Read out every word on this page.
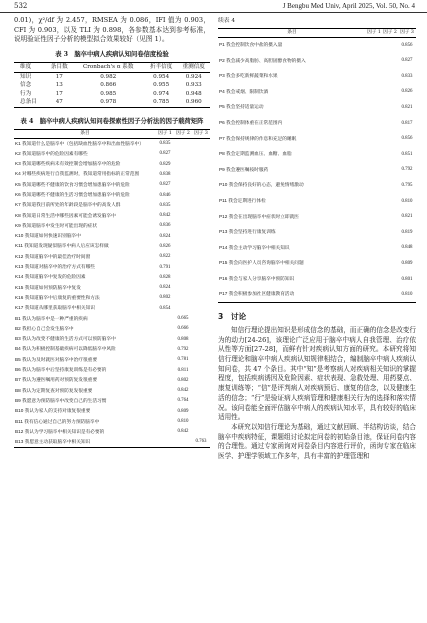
532	J Bengbu Med Univ, April 2025, Vol. 50, No. 4

0.01)，χ²/df 为 2.457，RMSEA 为 0.086，IFI 值为 0.903，CFI 为 0.903，以及 TLI 为 0.898，各参数基本达到参考标准，说明验证性因子分析的模型拟合效果较好（见图 1）。

表 3　脑卒中病人疾病认知问卷信度检验
维度	条目数	Cronbach's α 系数	折半信度	重测信度
知识	17	0.982	0.954	0.924
信念	13	0.866	0.955	0.933
行为	17	0.985	0.974	0.948
总条目	47	0.978	0.785	0.960
表 4　脑卒中病人疾病认知问卷探索性因子分析法的因子载荷矩阵
条目	因子 1	因子 2	因子 3
K1 我知道什么是脑卒中（包括缺血性脑卒中和出血性脑卒中）	0.835		
K2 我知道脑卒中的危险因素有哪些	0.827		
K3 我知道哪些疾病未有效控制会增加脑卒中的危险	0.829		
K4 对哪些疾病进行自我监测时，我知道常用指标的正常范围	0.838		
K5 我知道哪些不健康的饮食习惯会增加患脑卒中的危险	0.827		
K6 我知道哪些不健康的生活习惯会增加患脑卒中的危险	0.846		
K7 我知道我目前所处的年龄段是脑卒中的高发人群	0.835		
K8 我知道日常生活中哪些因素可能会诱发脑卒中	0.842		
K9 我知道脑卒中发生时可能出现的症状	0.836		
K10 我知道如何快速识别脑卒中	0.824		
K11 我知道发现疑似脑卒中病人后应该怎样做	0.826		
K12 我知道脑卒中的最佳治疗时间窗	0.822		
K13 我知道对脑卒中的治疗方式有哪些	0.791		
K14 我知道脑卒中复发的危险因素	0.828		
K15 我知道如何预防脑卒中复发	0.824		
K16 我知道脑卒中后康复的重要性和方法	0.802		
K17 我知道从哪里获取脑卒中相关知识	0.854		
B1 我认为脑卒中是一种严重的疾病		0.665	
B2 我担心自己会发生脑卒中		0.666	
B3 我认为改变不健康的生活方式可以预防脑卒中		0.808	
B4 我认为积极控制基础疾病可以降低脑卒中风险		0.792	
B5 我认为及时就医对脑卒中治疗很重要		0.781	
B6 我认为脑卒中后坚持康复训练是有必要的		0.811	
B7 我认为遵医嘱用药对预防复发很重要		0.802	
B8 我认为定期复查对预防复发很重要		0.842	
B9 我愿意为预防脑卒中改变自己的生活习惯		0.764	
B10 我认为家人的支持对康复很重要		0.809	
B11 我有信心通过自己的努力预防脑卒中		0.810	
B12 我认为学习脑卒中相关知识是有必要的		0.842	
B13 我愿意主动获取脑卒中相关知识			0.763
续表 4
条目	因子 1	因子 2	因子 3
P1 我会控制饮食中盐的摄入量			0.856
P2 我会减少高脂肪、高胆固醇食物的摄入			0.827
P3 我会多吃新鲜蔬菜和水果			0.833
P4 我会戒烟、限制饮酒			0.826
P5 我会坚持适量运动			0.821
P6 我会控制体重在正常范围内			0.817
P7 我会保持规律的作息和充足的睡眠			0.856
P8 我会定期监测血压、血糖、血脂			0.851
P9 我会遵医嘱按时服药			0.792
P10 我会保持良好的心态，避免情绪激动			0.795
P11 我会定期进行体检			0.810
P12 我会在出现脑卒中症状时立即就医			0.821
P13 我会坚持进行康复训练			0.819
P14 我会主动学习脑卒中相关知识			0.848
P15 我会向医护人员咨询脑卒中相关问题			0.809
P16 我会与家人分享脑卒中预防知识			0.801
P17 我会积极参加社区健康教育活动			0.810
3　讨论

知信行理论提出知识是形成信念的基础，而正确的信念是改变行为的动力[24-26]，该理论广泛应用于脑卒中病人自我管理、治疗依从性等方面[27-28]，而鲜有针对疾病认知方面的研究。本研究将知信行理论和脑卒中病人疾病认知规律相结合，编制脑卒中病人疾病认知问卷，共 47 个条目。其中“知”是考察病人对疾病相关知识的掌握程度，包括疾病诱因及危险因素、症状表现、急救处理、用药要点、康复训练等；“信”是评判病人对疾病预后、康复的信念，以及健康生活的信念；“行”是验证病人疾病管理和健康相关行为的选择和落实情况。该问卷能全面评估脑卒中病人的疾病认知水平，具有较好的临床适用性。

本研究以知信行理论为基础，通过文献回顾、半结构访谈，结合脑卒中疾病特征，课题组讨论拟定问卷的初始条目池，保证问卷内容的合理性。通过专家函询对问卷条目内容进行评价，函询专家在临床医学、护理学领域工作多年，具有丰富的护理管理和
